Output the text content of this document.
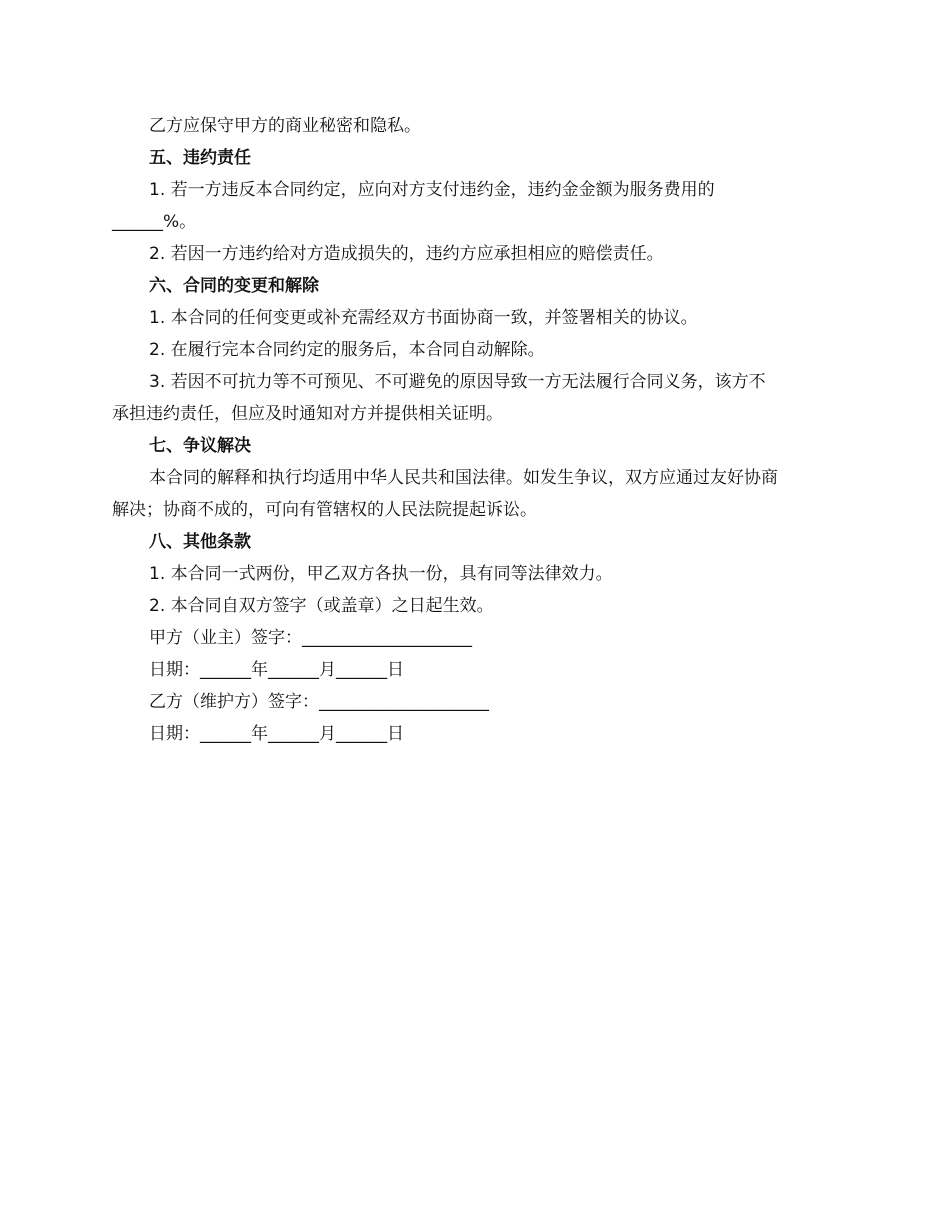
乙方应保守甲方的商业秘密和隐私。
五、违约责任
1. 若一方违反本合同约定，应向对方支付违约金，违约金金额为服务费用的
______%。
2. 若因一方违约给对方造成损失的，违约方应承担相应的赔偿责任。
六、合同的变更和解除
1. 本合同的任何变更或补充需经双方书面协商一致，并签署相关的协议。
2. 在履行完本合同约定的服务后，本合同自动解除。
3. 若因不可抗力等不可预见、不可避免的原因导致一方无法履行合同义务，该方不
承担违约责任，但应及时通知对方并提供相关证明。
七、争议解决
本合同的解释和执行均适用中华人民共和国法律。如发生争议，双方应通过友好协商
解决；协商不成的，可向有管辖权的人民法院提起诉讼。
八、其他条款
1. 本合同一式两份，甲乙双方各执一份，具有同等法律效力。
2. 本合同自双方签字（或盖章）之日起生效。
甲方（业主）签字：____________________
日期：______年______月______日
乙方（维护方）签字：____________________
日期：______年______月______日
